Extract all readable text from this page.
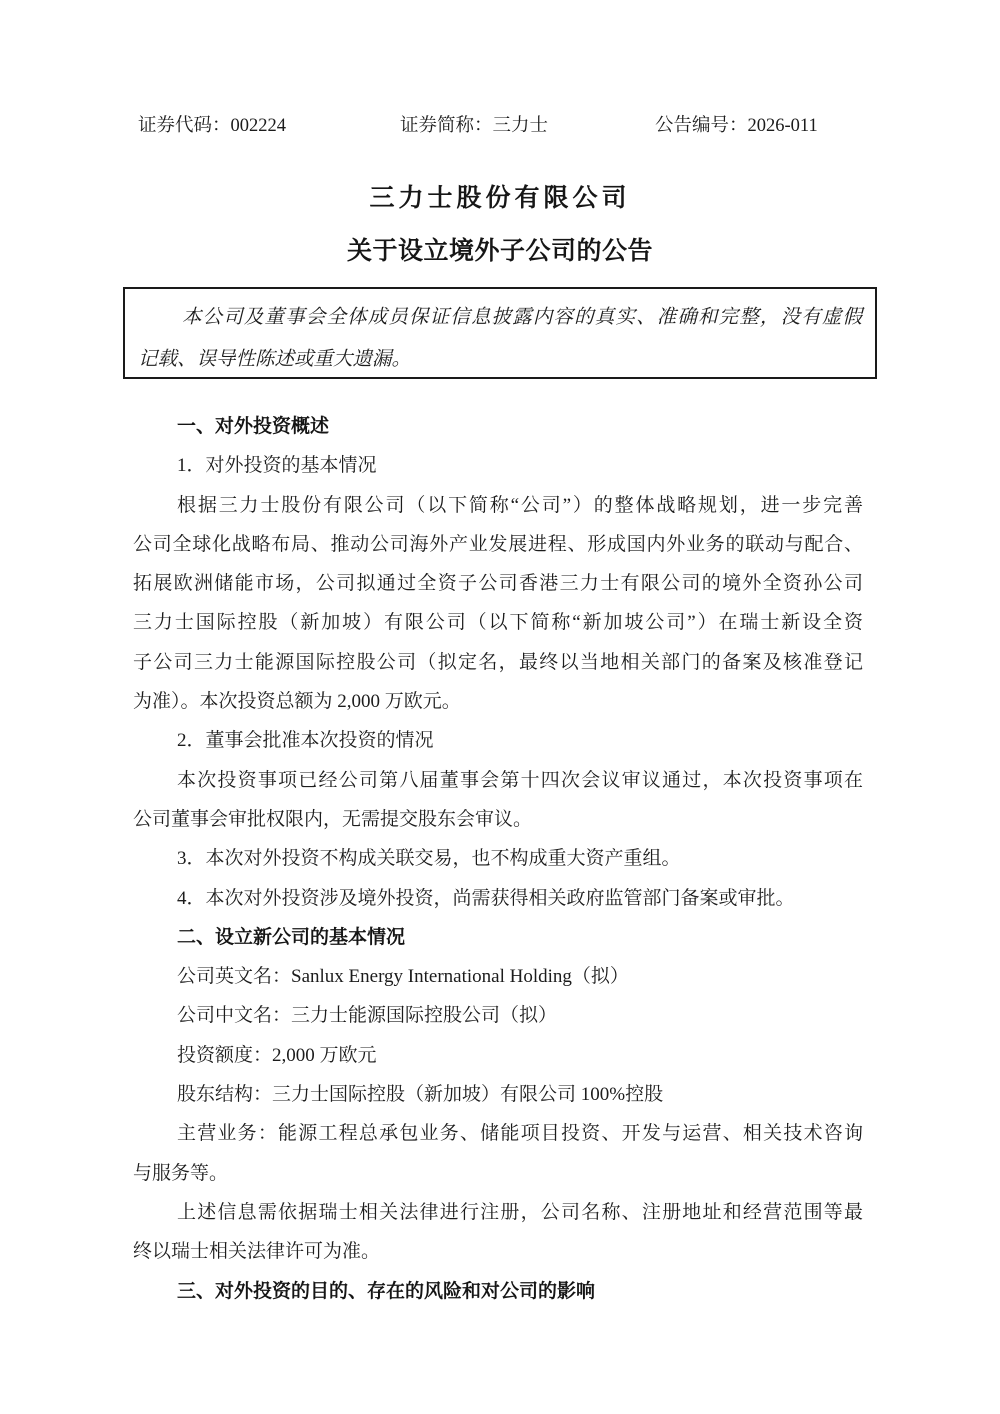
证券代码：002224	证券简称：三力士	公告编号：2026-011
三力士股份有限公司
关于设立境外子公司的公告
本公司及董事会全体成员保证信息披露内容的真实、准确和完整，没有虚假
记载、误导性陈述或重大遗漏。
一、对外投资概述
1．对外投资的基本情况
根据三力士股份有限公司（以下简称“公司”）的整体战略规划，进一步完善
公司全球化战略布局、推动公司海外产业发展进程、形成国内外业务的联动与配合、
拓展欧洲储能市场，公司拟通过全资子公司香港三力士有限公司的境外全资孙公司
三力士国际控股（新加坡）有限公司（以下简称“新加坡公司”）在瑞士新设全资
子公司三力士能源国际控股公司（拟定名，最终以当地相关部门的备案及核准登记
为准）。本次投资总额为 2,000 万欧元。
2．董事会批准本次投资的情况
本次投资事项已经公司第八届董事会第十四次会议审议通过，本次投资事项在
公司董事会审批权限内，无需提交股东会审议。
3．本次对外投资不构成关联交易，也不构成重大资产重组。
4．本次对外投资涉及境外投资，尚需获得相关政府监管部门备案或审批。
二、设立新公司的基本情况
公司英文名：Sanlux Energy International Holding（拟）
公司中文名：三力士能源国际控股公司（拟）
投资额度：2,000 万欧元
股东结构：三力士国际控股（新加坡）有限公司 100%控股
主营业务：能源工程总承包业务、储能项目投资、开发与运营、相关技术咨询
与服务等。
上述信息需依据瑞士相关法律进行注册，公司名称、注册地址和经营范围等最
终以瑞士相关法律许可为准。
三、对外投资的目的、存在的风险和对公司的影响
